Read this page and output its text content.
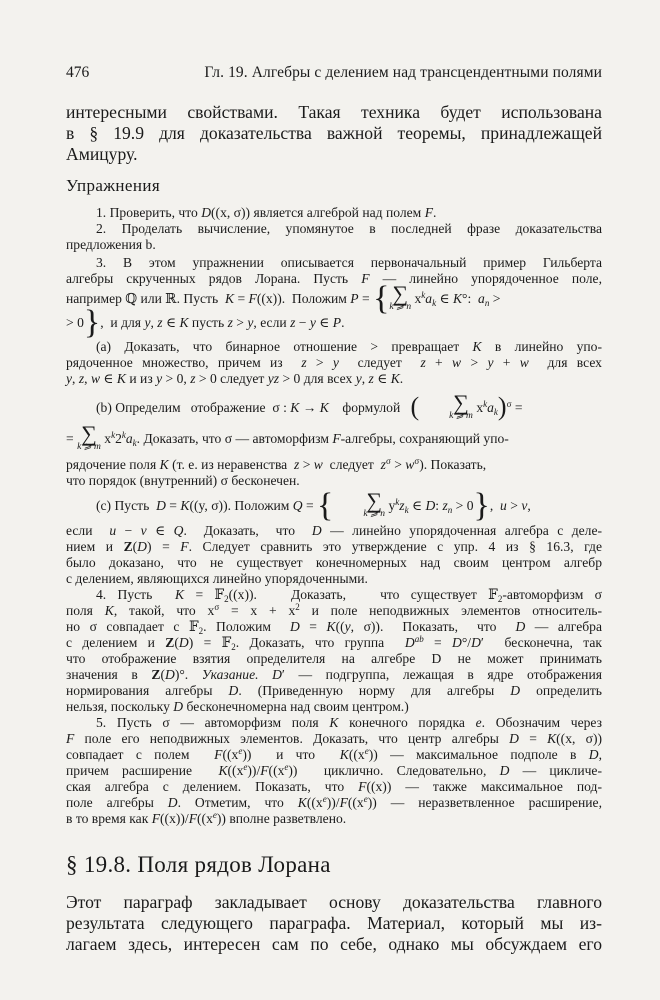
476	Гл. 19. Алгебры с делением над трансцендентными полями
интересными свойствами. Такая техника будет использована
в § 19.9 для доказательства важной теоремы, принадлежащей
Амицуру.
Упражнения
1. Проверить, что D((x, σ)) является алгеброй над полем F.
2. Проделать вычисление, упомянутое в последней фразе доказательства
предложения b.
3. В этом упражнении описывается первоначальный пример Гильберта
алгебры скрученных рядов Лорана. Пусть F — линейно упорядоченное поле,
например ℚ или ℝ. Пусть  K = F((x)).  Положим P = { ∑
k ⩾ n
$x^ka_k$ ∈ K°:  $a_n$ >
> 0},  и для y, z ∈ K пусть z > y, если z − y ∈ P.
(a) Доказать, что бинарное отношение > превращает K в линейно упо-
рядоченное множество, причем из  z > y  следует  z + w > y + w  для всех
y, z, w ∈ K и из y > 0, z > 0 следует yz > 0 для всех y, z ∈ K.
(b) Определим   отображение  σ : K → K    формулой   (	∑
k ⩾ m
$x^ka_k)^\sigma$ =
= ∑
k ⩾ m
$x^k2^ka_k$. Доказать, что σ — автоморфизм F-алгебры, сохраняющий упо-
рядочение поля K (т. е. из неравенства  z > w  следует  $z^\sigma > w^\sigma$). Показать,
что порядок (внутренний) σ бесконечен.
(c) Пусть  D = K((y, σ)). Положим Q = {	∑
k ⩾ n
$y^kz_k$ ∈ D: $z_n > 0$},  u > v,
если  u − v ∈ Q.  Доказать,  что  D — линейно упорядоченная алгебра с деле-
нием и Z(D) = F. Следует сравнить это утверждение с упр. 4 из § 16.3, где
было доказано, что не существует конечномерных над своим центром алгебр
с делением, являющихся линейно упорядоченными.
4. Пусть  K = 𝔽$_2$((x)).   Доказать,   что существует 𝔽$_2$-автоморфизм σ
поля K, такой, что $x^\sigma = x + x^2$ и поле неподвижных элементов относитель-
но σ совпадает с 𝔽$_2$. Положим  D = K((y, σ)).  Показать,  что  D — алгебра
с делением и Z(D) = 𝔽$_2$. Доказать, что группа  $D^{ab} = D^\circ/D'$  бесконечна, так
что отображение взятия определителя на алгебре D не может принимать
значения в Z(D)°. Указание. D′ — подгруппа, лежащая в ядре отображения
нормирования алгебры D. (Приведенную норму для алгебры D определить
нельзя, поскольку D бесконечномерна над своим центром.)
5. Пусть σ — автоморфизм поля K конечного порядка e. Обозначим через
F поле его неподвижных элементов. Доказать, что центр алгебры D = K((x, σ))
совпадает с полем  $F((x^e))$  и что  $K((x^e))$ — максимальное подполе в D,
причем расширение  $K((x^e))/F((x^e))$  циклично. Следовательно, D — цикличе-
ская алгебра с делением. Показать, что F((x)) — также максимальное под-
поле алгебры D. Отметим, что $K((x^e))/F((x^e))$ — неразветвленное расширение,
в то время как $F((x))/F((x^e))$ вполне разветвлено.
§ 19.8. Поля рядов Лорана
Этот параграф закладывает основу доказательства главного
результата следующего параграфа. Материал, который мы из-
лагаем здесь, интересен сам по себе, однако мы обсуждаем его
